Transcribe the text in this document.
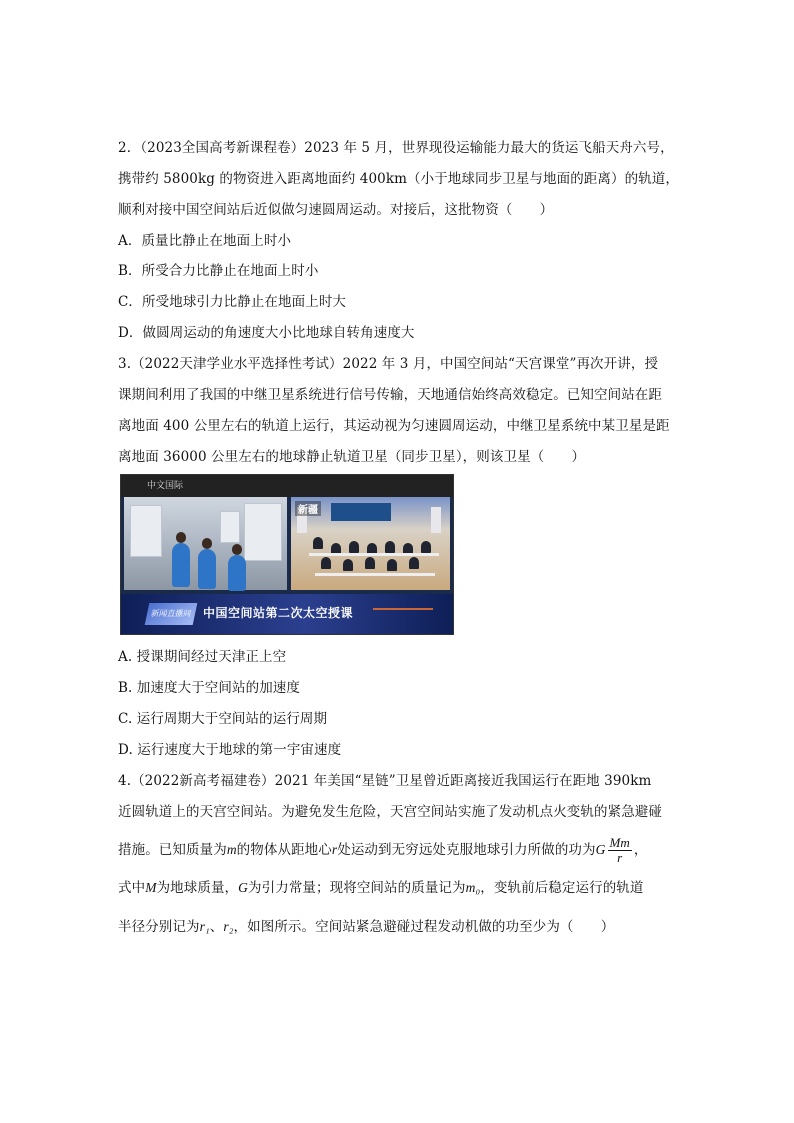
2．（2023全国高考新课程卷）2023 年 5 月，世界现役运输能力最大的货运飞船天舟六号，
携带约 5800kg 的物资进入距离地面约 400km（小于地球同步卫星与地面的距离）的轨道，
顺利对接中国空间站后近似做匀速圆周运动。对接后，这批物资（　　）
A．质量比静止在地面上时小
B．所受合力比静止在地面上时小
C．所受地球引力比静止在地面上时大
D．做圆周运动的角速度大小比地球自转角速度大
3.（2022天津学业水平选择性考试）2022 年 3 月，中国空间站“天宫课堂”再次开讲，授
课期间利用了我国的中继卫星系统进行信号传输，天地通信始终高效稳定。已知空间站在距
离地面 400 公里左右的轨道上运行，其运动视为匀速圆周运动，中继卫星系统中某卫星是距
离地面 36000 公里左右的地球静止轨道卫星（同步卫星），则该卫星（　　）
中文国际
新疆
新闻直播间 中国空间站第二次太空授课
A. 授课期间经过天津正上空
B. 加速度大于空间站的加速度
C. 运行周期大于空间站的运行周期
D. 运行速度大于地球的第一宇宙速度
4.（2022新高考福建卷）2021 年美国“星链”卫星曾近距离接近我国运行在距地 390km
近圆轨道上的天宫空间站。为避免发生危险，天宫空间站实施了发动机点火变轨的紧急避碰
措施。已知质量为m的物体从距地心r处运动到无穷远处克服地球引力所做的功为G $\frac{Mm}{r}$ ，
式中M为地球质量，G为引力常量；现将空间站的质量记为m₀，变轨前后稳定运行的轨道
半径分别记为r₁、r₂，如图所示。空间站紧急避碰过程发动机做的功至少为（　　）
